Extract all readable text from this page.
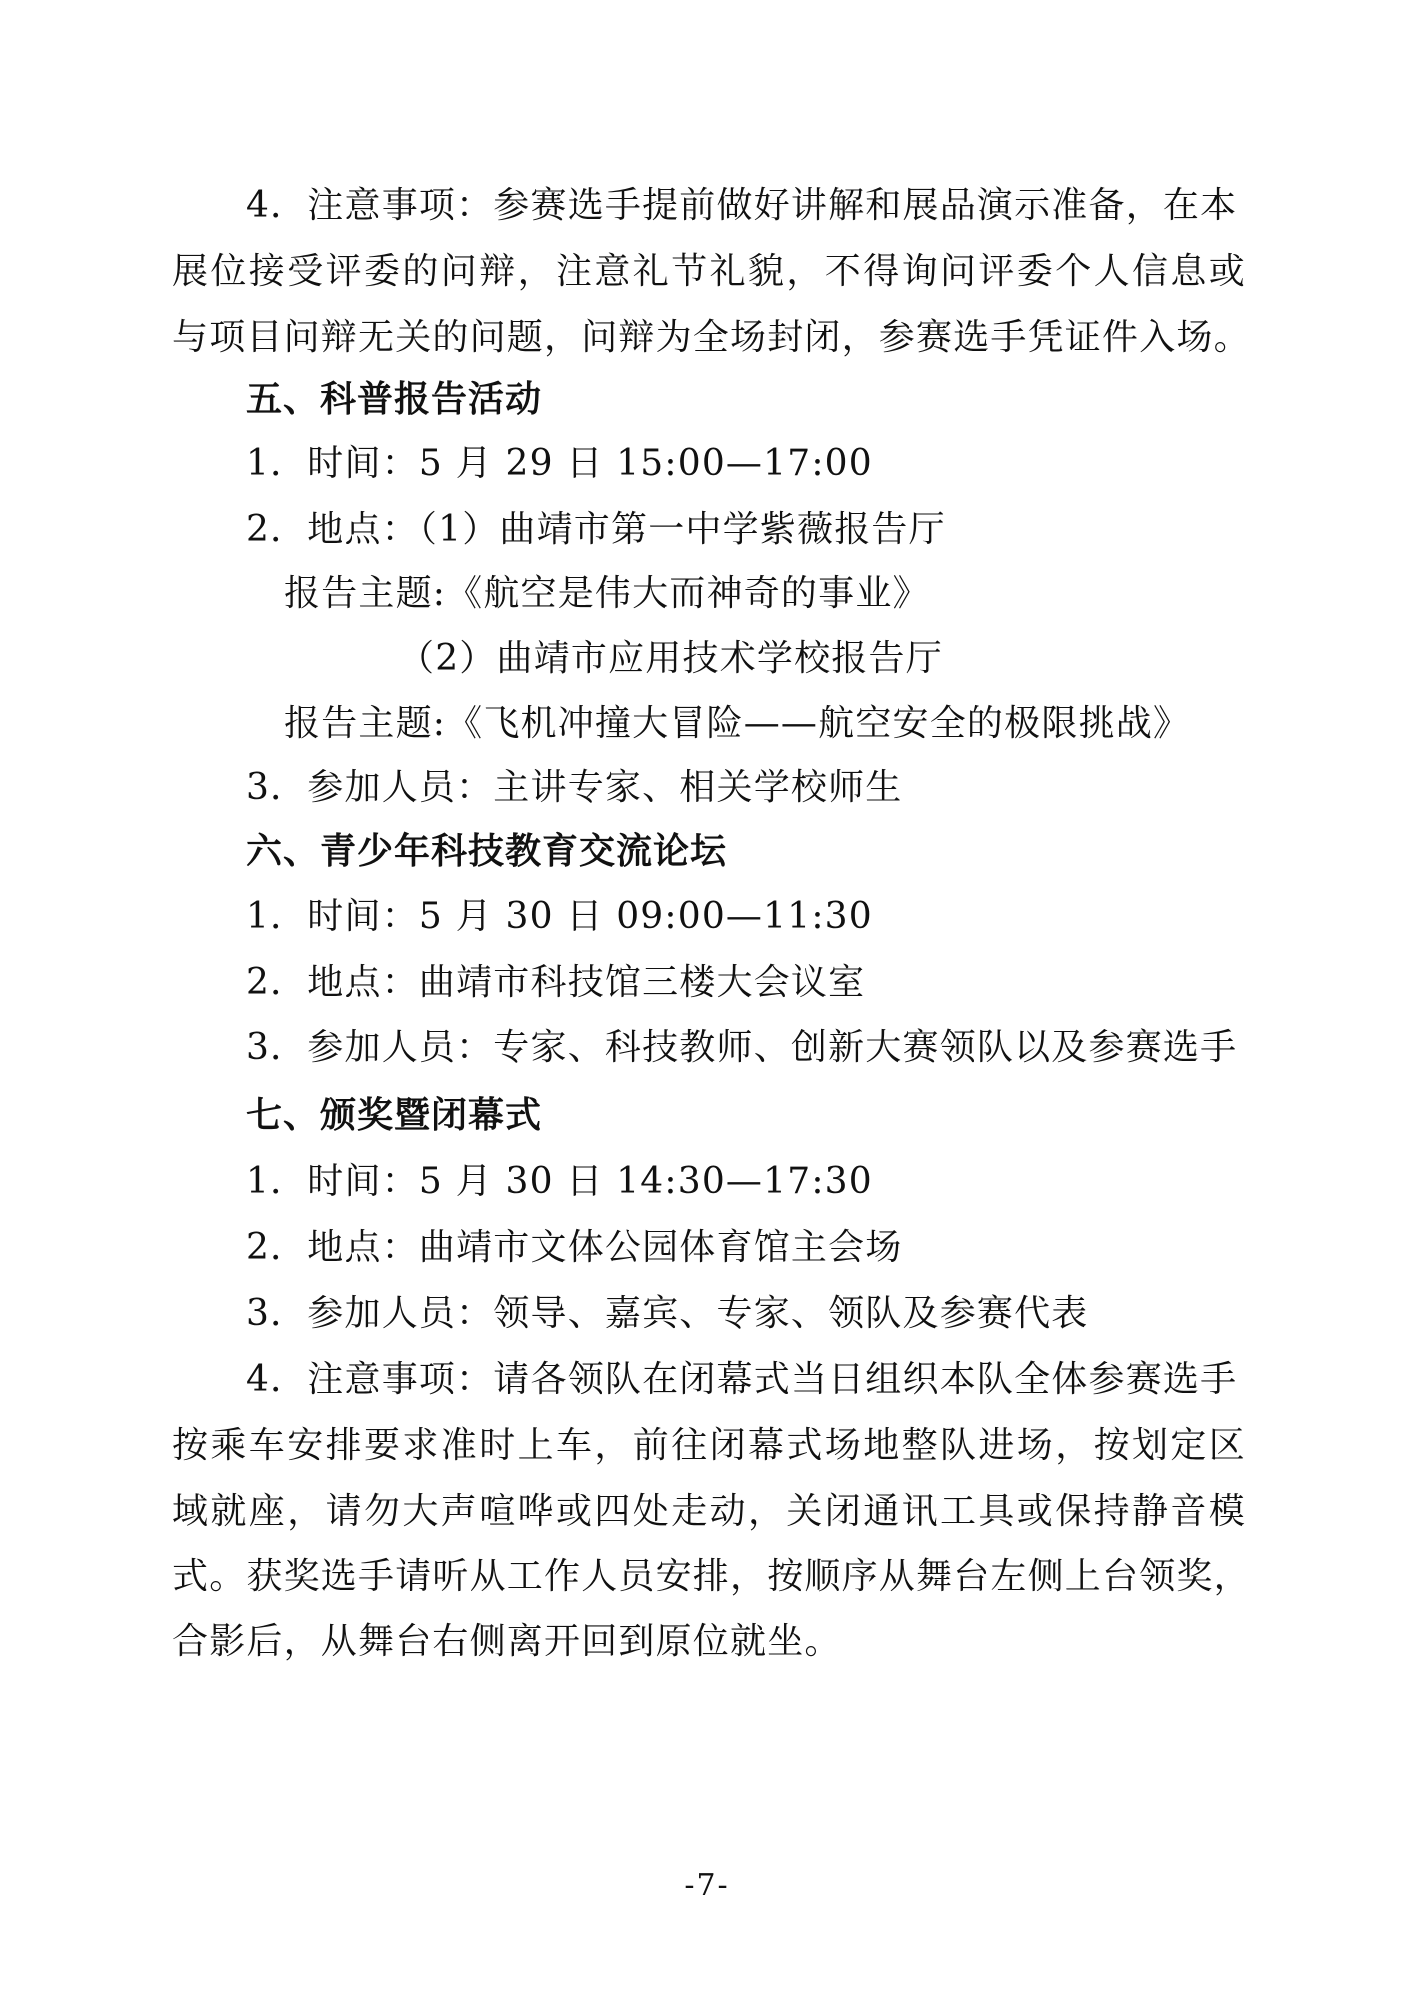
4．注意事项：参赛选手提前做好讲解和展品演示准备，在本

展位接受评委的问辩，注意礼节礼貌，不得询问评委个人信息或

与项目问辩无关的问题，问辩为全场封闭，参赛选手凭证件入场。

五、科普报告活动

1．时间：5 月 29 日 15:00—17:00

2．地点：（1）曲靖市第一中学紫薇报告厅

报告主题:《航空是伟大而神奇的事业》

（2）曲靖市应用技术学校报告厅

报告主题:《飞机冲撞大冒险——航空安全的极限挑战》

3．参加人员：主讲专家、相关学校师生

六、青少年科技教育交流论坛

1．时间：5 月 30 日 09:00—11:30

2．地点：曲靖市科技馆三楼大会议室

3．参加人员：专家、科技教师、创新大赛领队以及参赛选手

七、颁奖暨闭幕式

1．时间：5 月 30 日 14:30—17:30

2．地点：曲靖市文体公园体育馆主会场

3．参加人员：领导、嘉宾、专家、领队及参赛代表

4．注意事项：请各领队在闭幕式当日组织本队全体参赛选手

按乘车安排要求准时上车，前往闭幕式场地整队进场，按划定区

域就座，请勿大声喧哗或四处走动，关闭通讯工具或保持静音模

式。获奖选手请听从工作人员安排，按顺序从舞台左侧上台领奖，

合影后，从舞台右侧离开回到原位就坐。

-7-
